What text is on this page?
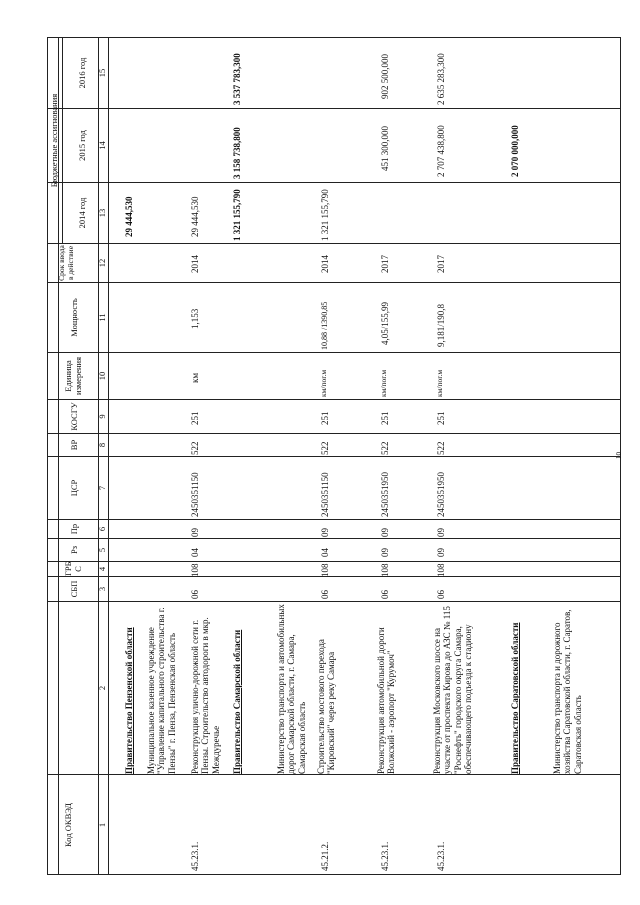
Код ОКВЭД
СБП
ГРБ С
Рз
Пр
ЦСР
ВР
КОСГУ
Единица измерения
Мощность
Срок ввода в действие
Бюджетные ассигнования
2014 год
2015 год
2016 год
1
2
3
4
5
6
7
8
9
10
11
12
13
14
15
Правительство Пензенской области
29 444,530
Муниципальное казенное учреждение "Управление капитального строительства г. Пензы" г. Пенза, Пензенская область
45.23.1.
Реконструкция улично-дорожной сети г. Пензы. Строительство автодороги в мкр. Междуречье
06
108
04
09
2450351150
522
251
км
1,153
2014
29 444,530
Правительство Самарской области
1 321 155,790
3 158 738,800
3 537 783,300
Министерство транспорта и автомобильных дорог Самарской области, г. Самара, Самарская область
45.21.2.
Строительство мостового перехода "Кировский" через реку Самара
06
108
04
09
2450351150
522
251
км/пог.м
10,88 /1390,85
2014
1 321 155,790
45.23.1.
Реконструкция автомобильной дороги Волжский - аэропорт "Курумоч"
06
108
09
09
2450351950
522
251
км/пог.м
4,05/155,99
2017
451 300,000
902 500,000
45.23.1.
Реконструкция Московского шоссе на участке от проспекта Кирова до АЗС № 115 "Роснефть" городского округа Самара, обеспечивающего подъезда к стадиону
06
108
09
09
2450351950
522
251
км/пог.м
9,181/190,8
2017
2 707 438,800
2 635 283,300
Правительство Саратовской области
2 070 000,000
Министерство транспорта и дорожного хозяйства Саратовской области, г. Саратов, Саратовская область
10
